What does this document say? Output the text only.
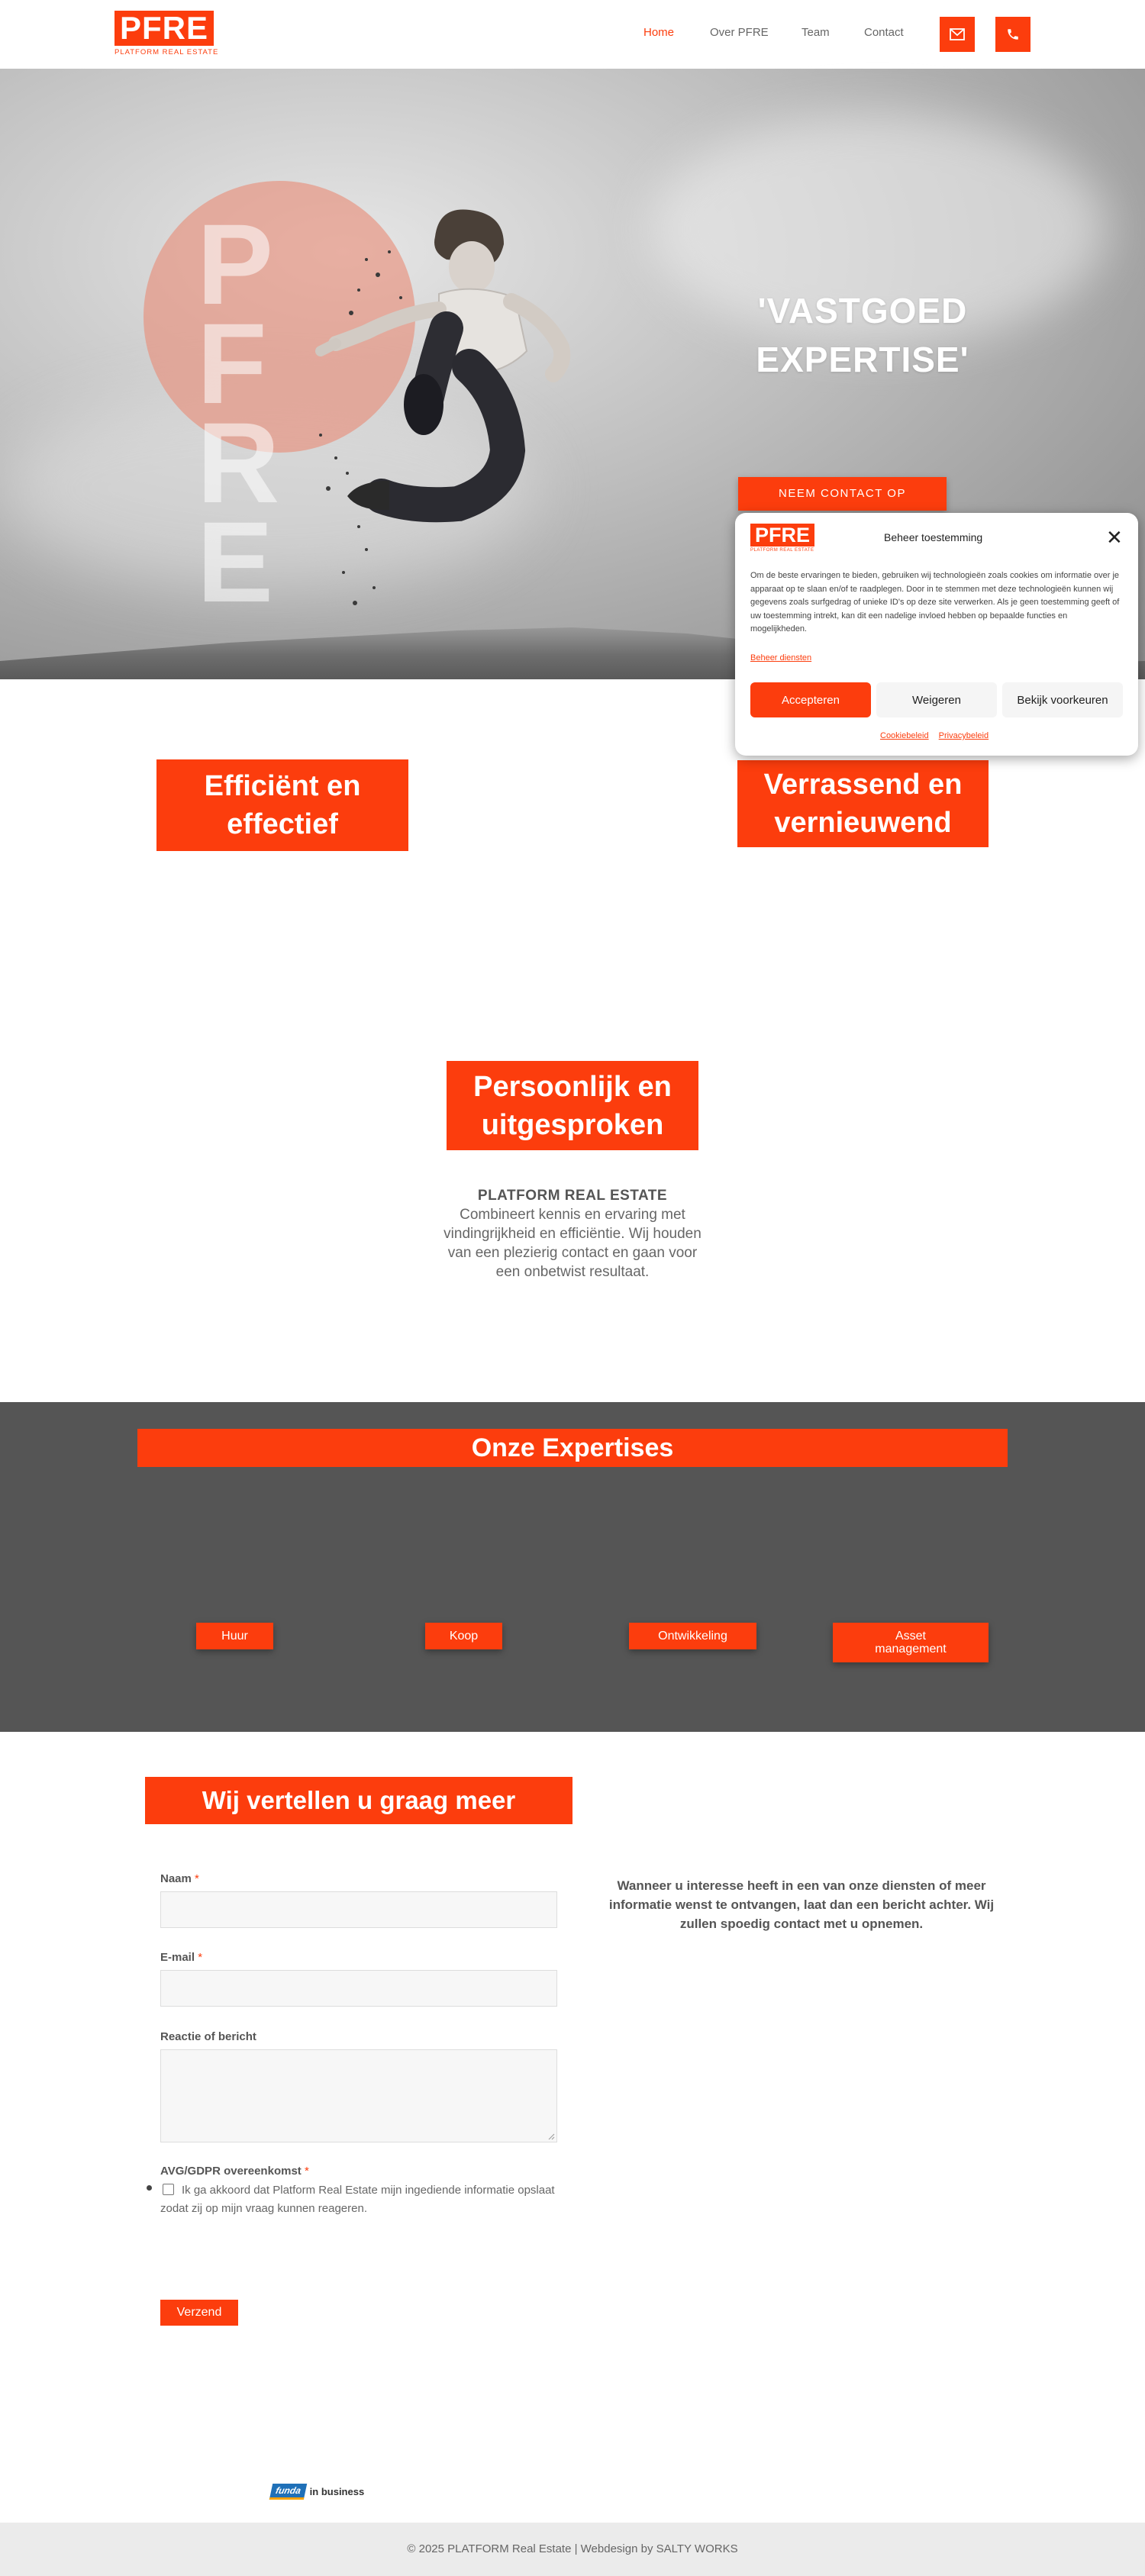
PFRE
PLATFORM REAL ESTATE
Home	Over PFRE	Team	Contact
P F
R E
'VASTGOED EXPERTISE'
NEEM CONTACT OP
Efficiënt en effectief
Verrassend en vernieuwend
Persoonlijk en uitgesproken
PLATFORM REAL ESTATE
Combineert kennis en ervaring met vindingrijkheid en efficiëntie. Wij houden van een plezierig contact en gaan voor een onbetwist resultaat.
Onze Expertises
Huur	Koop	Ontwikkeling	Asset management
Wij vertellen u graag meer
Naam *
E-mail *
Reactie of bericht
AVG/GDPR overeenkomst *
Ik ga akkoord dat Platform Real Estate mijn ingediende informatie opslaat zodat zij op mijn vraag kunnen reageren.
Verzend
Wanneer u interesse heeft in een van onze diensten of meer informatie wenst te ontvangen, laat dan een bericht achter. Wij zullen spoedig contact met u opnemen.
funda in business
© 2025 PLATFORM Real Estate | Webdesign by SALTY WORKS
PFRE
PLATFORM REAL ESTATE
Beheer toestemming	✕
Om de beste ervaringen te bieden, gebruiken wij technologieën zoals cookies om informatie over je apparaat op te slaan en/of te raadplegen. Door in te stemmen met deze technologieën kunnen wij gegevens zoals surfgedrag of unieke ID's op deze site verwerken. Als je geen toestemming geeft of uw toestemming intrekt, kan dit een nadelige invloed hebben op bepaalde functies en mogelijkheden.
Beheer diensten
Accepteren	Weigeren	Bekijk voorkeuren
Cookiebeleid Privacybeleid
